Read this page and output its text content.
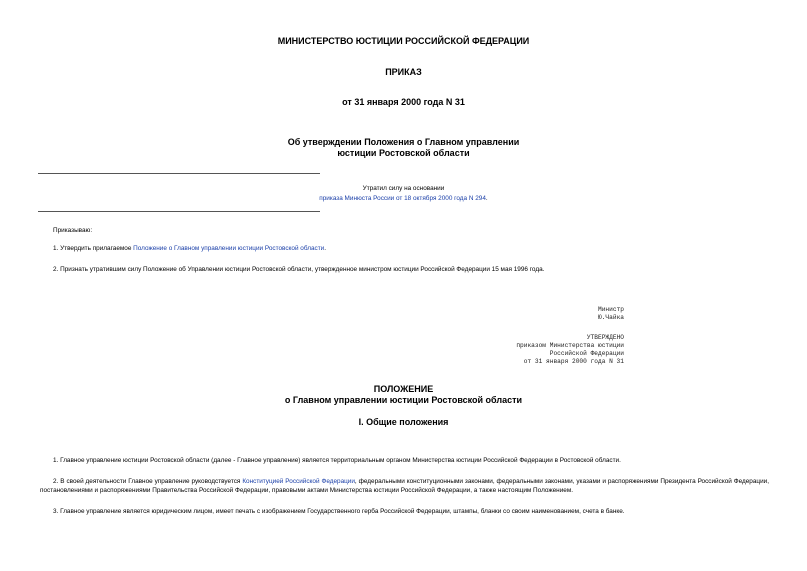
МИНИСТЕРСТВО ЮСТИЦИИ РОССИЙСКОЙ ФЕДЕРАЦИИ
ПРИКАЗ
от 31 января 2000 года N 31
Об утверждении Положения о Главном управлении
юстиции Ростовской области
Утратил силу на основании
приказа Минюста России от 18 октября 2000 года N 294.
Приказываю:
1. Утвердить прилагаемое Положение о Главном управлении юстиции Ростовской области.
2. Признать утратившим силу Положение об Управлении юстиции Ростовской области, утвержденное министром юстиции Российской Федерации 15 мая 1996 года.
Министр
Ю.Чайка
УТВЕРЖДЕНО
приказом Министерства юстиции
Российской Федерации
от 31 января 2000 года N 31
ПОЛОЖЕНИЕ
о Главном управлении юстиции Ростовской области
I. Общие положения
1. Главное управление юстиции Ростовской области (далее - Главное управление) является территориальным органом Министерства юстиции Российской Федерации в Ростовской области.
2. В своей деятельности Главное управление руководствуется Конституцией Российской Федерации, федеральными конституционными законами, федеральными законами, указами и распоряжениями Президента Российской Федерации, постановлениями и распоряжениями Правительства Российской Федерации, правовыми актами Министерства юстиции Российской Федерации, а также настоящим Положением.
3. Главное управление является юридическим лицом, имеет печать с изображением Государственного герба Российской Федерации, штампы, бланки со своим наименованием, счета в банке.
